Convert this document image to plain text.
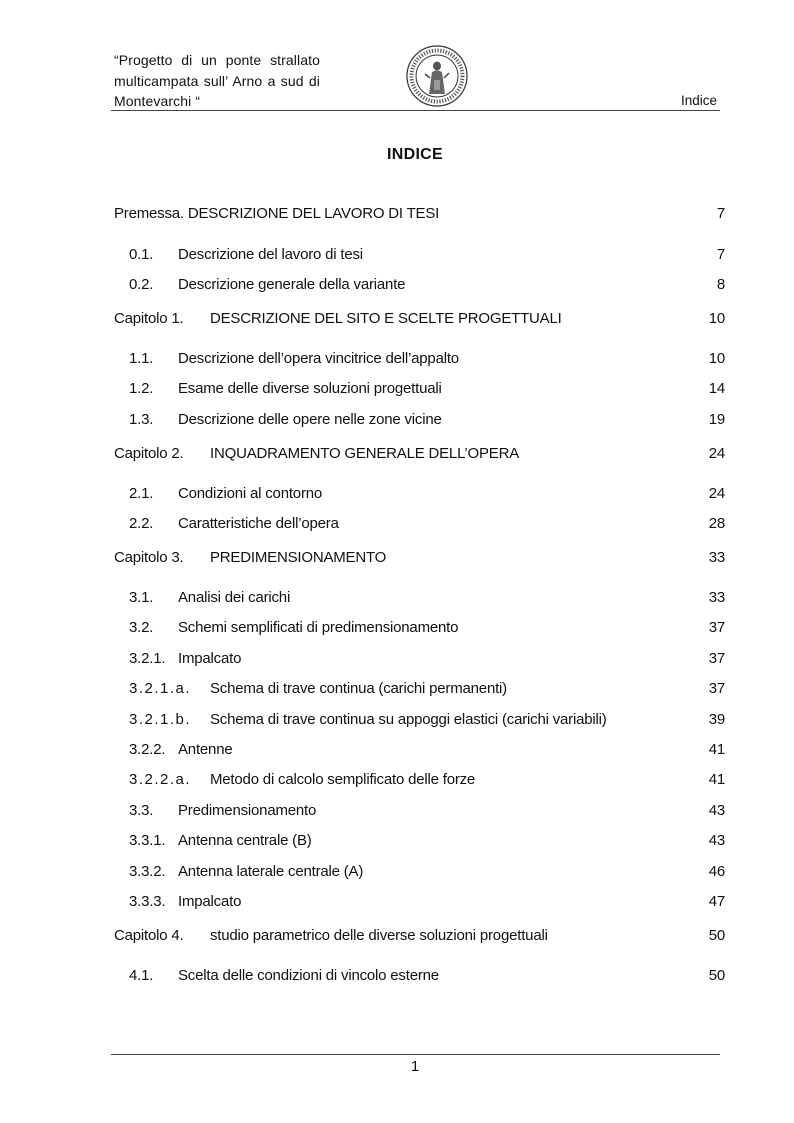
“Progetto di un ponte strallato
multicampata sull’ Arno a sud di
Montevarchi “	Indice
INDICE
Premessa. DESCRIZIONE DEL LAVORO DI TESI	7
0.1. Descrizione del lavoro di tesi	7
0.2. Descrizione generale della variante	8
Capitolo 1. DESCRIZIONE DEL SITO E SCELTE PROGETTUALI	10
1.1. Descrizione dell’opera vincitrice dell’appalto	10
1.2. Esame delle diverse soluzioni progettuali	14
1.3. Descrizione delle opere nelle zone vicine	19
Capitolo 2. INQUADRAMENTO GENERALE DELL’OPERA	24
2.1. Condizioni al contorno	24
2.2. Caratteristiche dell’opera	28
Capitolo 3. PREDIMENSIONAMENTO	33
3.1. Analisi dei carichi	33
3.2. Schemi semplificati di predimensionamento	37
3.2.1. Impalcato	37
3.2.1.a. Schema di trave continua (carichi permanenti)	37
3.2.1.b. Schema di trave continua su appoggi elastici (carichi variabili)	39
3.2.2. Antenne	41
3.2.2.a. Metodo di calcolo semplificato delle forze	41
3.3. Predimensionamento	43
3.3.1. Antenna centrale (B)	43
3.3.2. Antenna laterale centrale (A)	46
3.3.3. Impalcato	47
Capitolo 4. studio parametrico delle diverse soluzioni progettuali	50
4.1. Scelta delle condizioni di vincolo esterne	50
1
